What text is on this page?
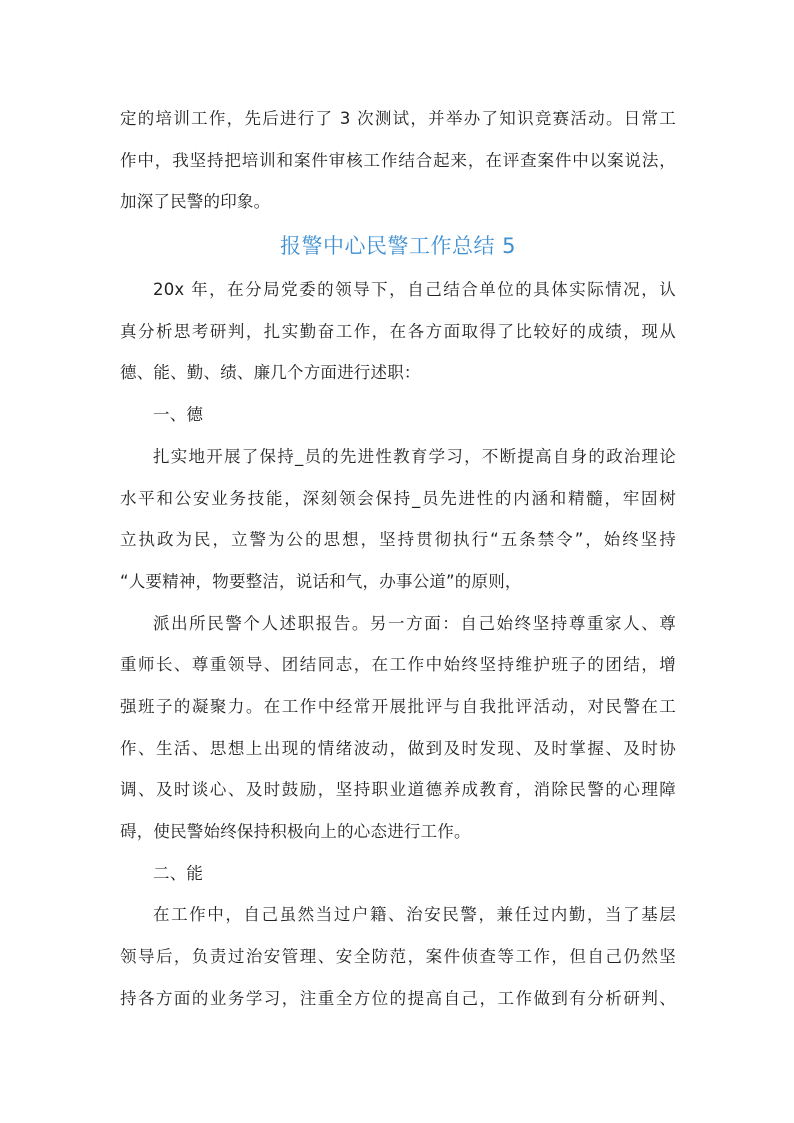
定的培训工作，先后进行了 3 次测试，并举办了知识竞赛活动。日常工
作中，我坚持把培训和案件审核工作结合起来，在评查案件中以案说法，
加深了民警的印象。
报警中心民警工作总结 5
20x 年，在分局党委的领导下，自己结合单位的具体实际情况，认
真分析思考研判，扎实勤奋工作，在各方面取得了比较好的成绩，现从
德、能、勤、绩、廉几个方面进行述职：
一、德
扎实地开展了保持_员的先进性教育学习，不断提高自身的政治理论
水平和公安业务技能，深刻领会保持_员先进性的内涵和精髓，牢固树
立执政为民，立警为公的思想，坚持贯彻执行“五条禁令”，始终坚持
“人要精神，物要整洁，说话和气，办事公道”的原则，
派出所民警个人述职报告。另一方面：自己始终坚持尊重家人、尊
重师长、尊重领导、团结同志，在工作中始终坚持维护班子的团结，增
强班子的凝聚力。在工作中经常开展批评与自我批评活动，对民警在工
作、生活、思想上出现的情绪波动，做到及时发现、及时掌握、及时协
调、及时谈心、及时鼓励，坚持职业道德养成教育，消除民警的心理障
碍，使民警始终保持积极向上的心态进行工作。
二、能
在工作中，自己虽然当过户籍、治安民警，兼任过内勤，当了基层
领导后，负责过治安管理、安全防范，案件侦查等工作，但自己仍然坚
持各方面的业务学习，注重全方位的提高自己，工作做到有分析研判、
